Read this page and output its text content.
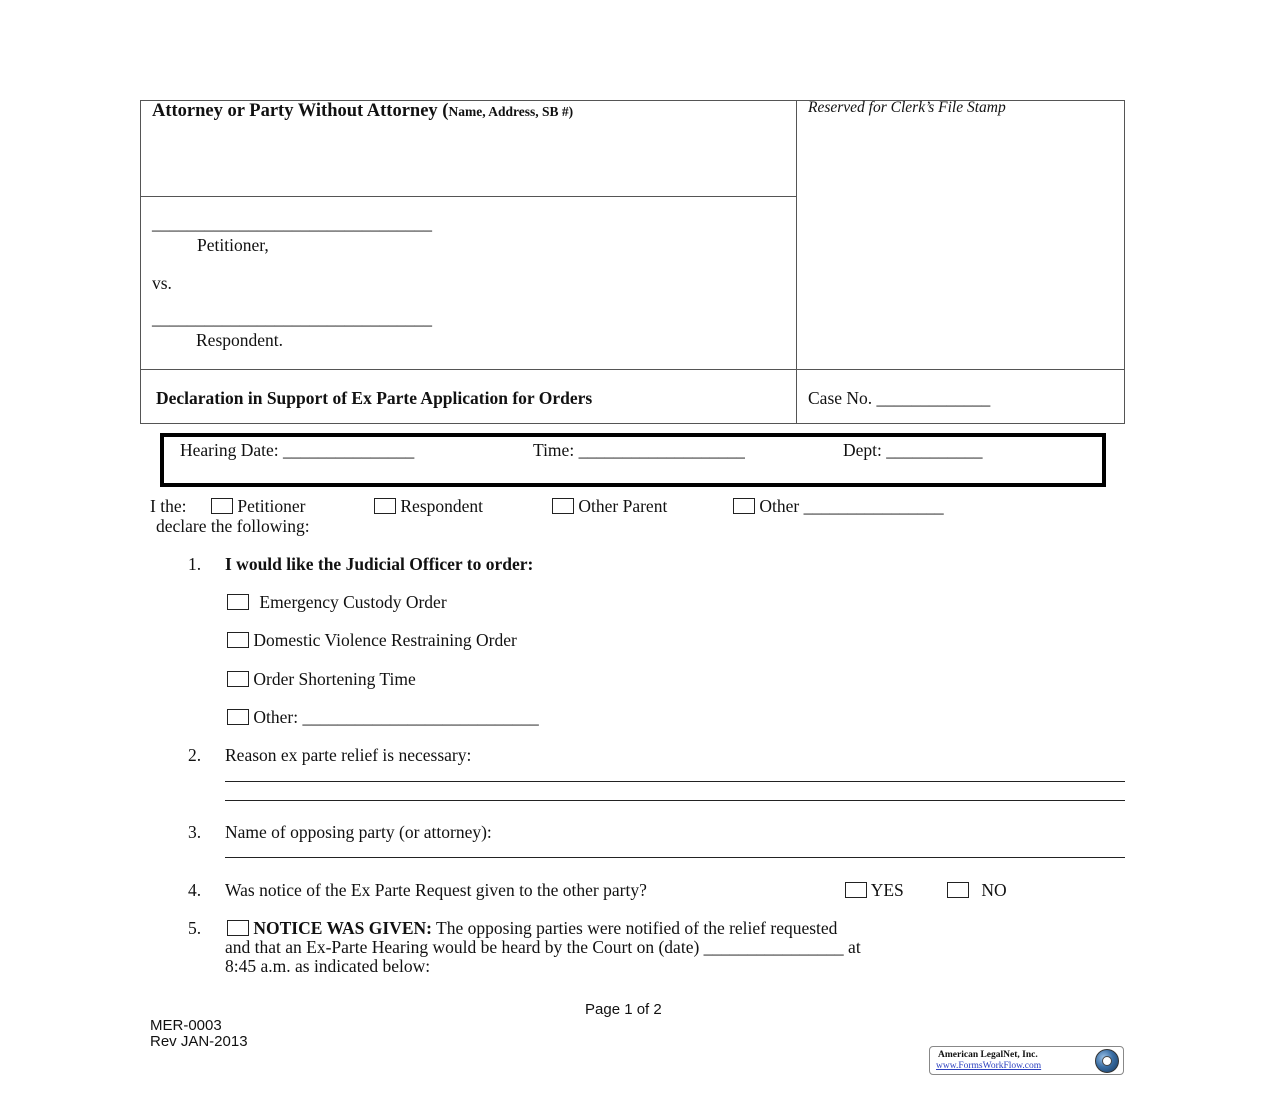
Attorney or Party Without Attorney (Name, Address, SB #)	Reserved for Clerk’s File Stamp
________________________________
Petitioner,
vs.
________________________________
Respondent.
Declaration in Support of Ex Parte Application for Orders	Case No. _____________
Hearing Date: _______________	Time: ___________________	Dept: ___________
I the:	Petitioner	Respondent	Other Parent	Other ________________
declare the following:
1. I would like the Judicial Officer to order:
Emergency Custody Order
Domestic Violence Restraining Order
Order Shortening Time
Other: ___________________________
2. Reason ex parte relief is necessary:
3. Name of opposing party (or attorney):
4. Was notice of the Ex Parte Request given to the other party?	YES	NO
5.	NOTICE WAS GIVEN: The opposing parties were notified of the relief requested
and that an Ex-Parte Hearing would be heard by the Court on (date) ________________ at
8:45 a.m. as indicated below:
Page 1 of 2
MER-0003
Rev JAN-2013
American LegalNet, Inc.
www.FormsWorkFlow.com
